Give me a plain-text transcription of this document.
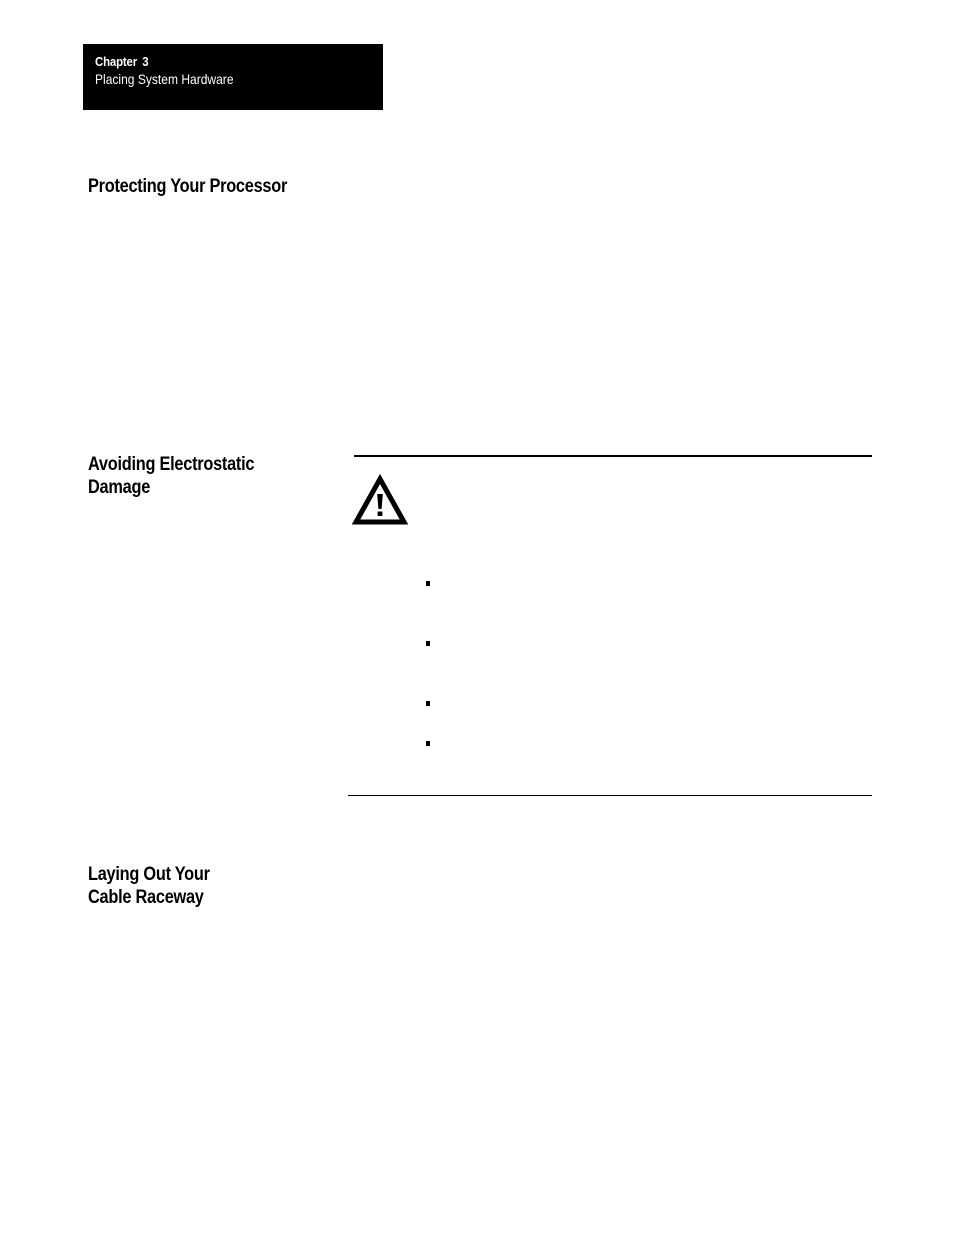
Chapter 3
Placing System Hardware
Protecting Your Processor
Avoiding Electrostatic
Damage
Laying Out Your
Cable Raceway
